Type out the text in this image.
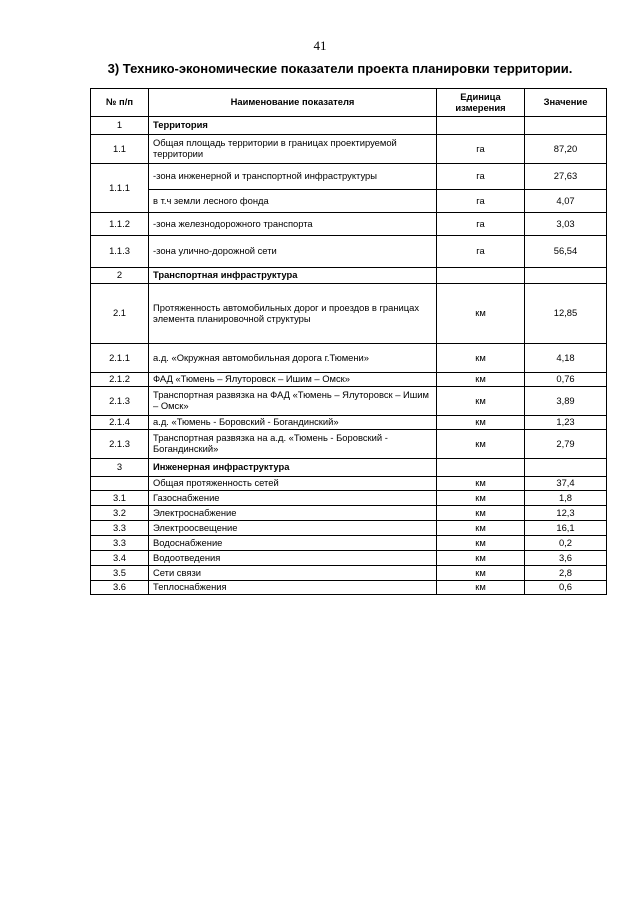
41
3) Технико-экономические показатели проекта планировки территории.
№ п/п	Наименование показателя	Единица измерения	Значение
1	Территория		
1.1	Общая площадь территории в границах проектируемой территории	га	87,20
1.1.1	-зона инженерной и транспортной инфраструктуры	га	27,63
	в т.ч земли лесного фонда	га	4,07
1.1.2	-зона железнодорожного транспорта	га	3,03
1.1.3	-зона улично-дорожной сети	га	56,54
2	Транспортная инфраструктура		
2.1	Протяженность автомобильных дорог и проездов в границах элемента планировочной структуры	км	12,85
2.1.1	а.д. «Окружная автомобильная дорога г.Тюмени»	км	4,18
2.1.2	ФАД «Тюмень – Ялуторовск – Ишим – Омск»	км	0,76
2.1.3	Транспортная развязка на ФАД «Тюмень – Ялуторовск – Ишим – Омск»	км	3,89
2.1.4	а.д. «Тюмень - Боровский - Богандинский»	км	1,23
2.1.3	Транспортная развязка на а.д. «Тюмень - Боровский - Богандинский»	км	2,79
3	Инженерная инфраструктура		
	Общая протяженность сетей	км	37,4
3.1	Газоснабжение	км	1,8
3.2	Электроснабжение	км	12,3
3.3	Электроосвещение	км	16,1
3.3	Водоснабжение	км	0,2
3.4	Водоотведения	км	3,6
3.5	Сети связи	км	2,8
3.6	Теплоснабжения	км	0,6
